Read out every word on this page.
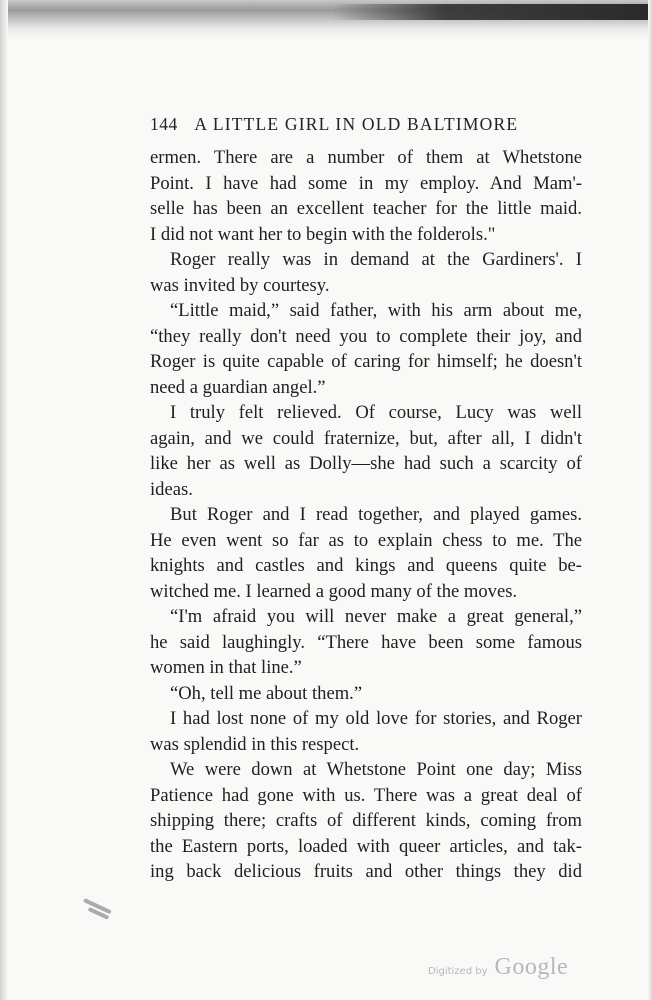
144 A LITTLE GIRL IN OLD BALTIMORE
ermen. There are a number of them at Whetstone
Point. I have had some in my employ. And Mam'-
selle has been an excellent teacher for the little maid.
I did not want her to begin with the folderols."
Roger really was in demand at the Gardiners'. I
was invited by courtesy.
“Little maid,” said father, with his arm about me,
“they really don't need you to complete their joy, and
Roger is quite capable of caring for himself; he doesn't
need a guardian angel.”
I truly felt relieved. Of course, Lucy was well
again, and we could fraternize, but, after all, I didn't
like her as well as Dolly—she had such a scarcity of
ideas.
But Roger and I read together, and played games.
He even went so far as to explain chess to me. The
knights and castles and kings and queens quite be-
witched me. I learned a good many of the moves.
“I'm afraid you will never make a great general,”
he said laughingly. “There have been some famous
women in that line.”
“Oh, tell me about them.”
I had lost none of my old love for stories, and Roger
was splendid in this respect.
We were down at Whetstone Point one day; Miss
Patience had gone with us. There was a great deal of
shipping there; crafts of different kinds, coming from
the Eastern ports, loaded with queer articles, and tak-
ing back delicious fruits and other things they did
Digitized by Google
